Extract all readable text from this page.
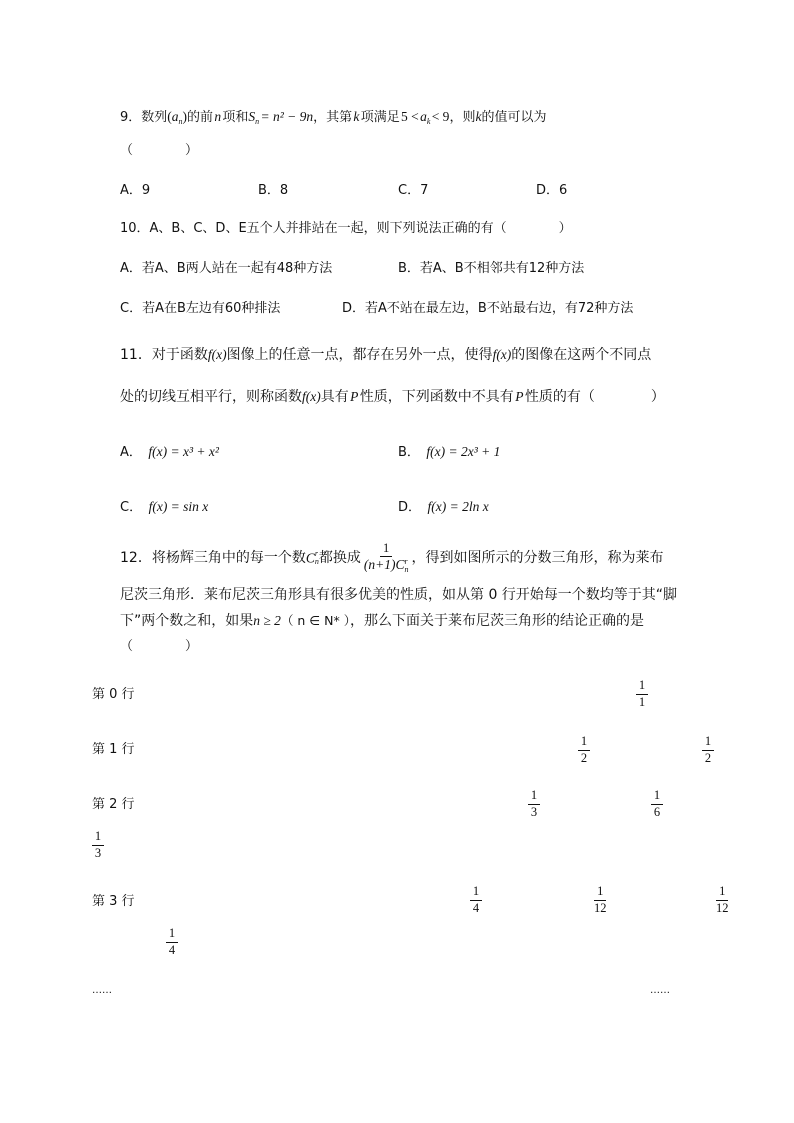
9．数列$(a_n)$的前 n 项和$S_n$ = n² − 9n，其第 k 项满足 5 < $a_k$ < 9，则k的值可以为
（　　　　）
A．9	B．8	C．7	D．6
10．A、B、C、D、E五个人并排站在一起，则下列说法正确的有（　　　　）
A．若A、B两人站在一起有48种方法	B．若A、B不相邻共有12种方法
C．若A在B左边有60种排法	D．若A不站在最左边，B不站最右边，有72种方法
11．对于函数f(x)图像上的任意一点，都存在另外一点，使得f(x)的图像在这两个不同点
处的切线互相平行，则称函数f(x)具有 P 性质，下列函数中不具有 P 性质的有（　　　　）
A．  f(x) = x³ + x²	B．  f(x) = 2x³ + 1
C．  f(x) = sin x	D．  f(x) = 2ln x
12．将杨辉三角中的每一个数C r
n 都换成 1
(n+1)C r
n ，得到如图所示的分数三角形，称为莱布
尼茨三角形．莱布尼茨三角形具有很多优美的性质，如从第 0 行开始每一个数均等于其“脚
下”两个数之和，如果n ≥ 2（ n ∈ N* ），那么下面关于莱布尼茨三角形的结论正确的是
（　　　　）
第 0 行	$\frac{1}{1}$
第 1 行	$\frac{1}{2}$	$\frac{1}{2}$
第 2 行	$\frac{1}{3}$	$\frac{1}{6}$
$\frac{1}{3}$
第 3 行	$\frac{1}{4}$	$\frac{1}{12}$	$\frac{1}{12}$
$\frac{1}{4}$
……	……
